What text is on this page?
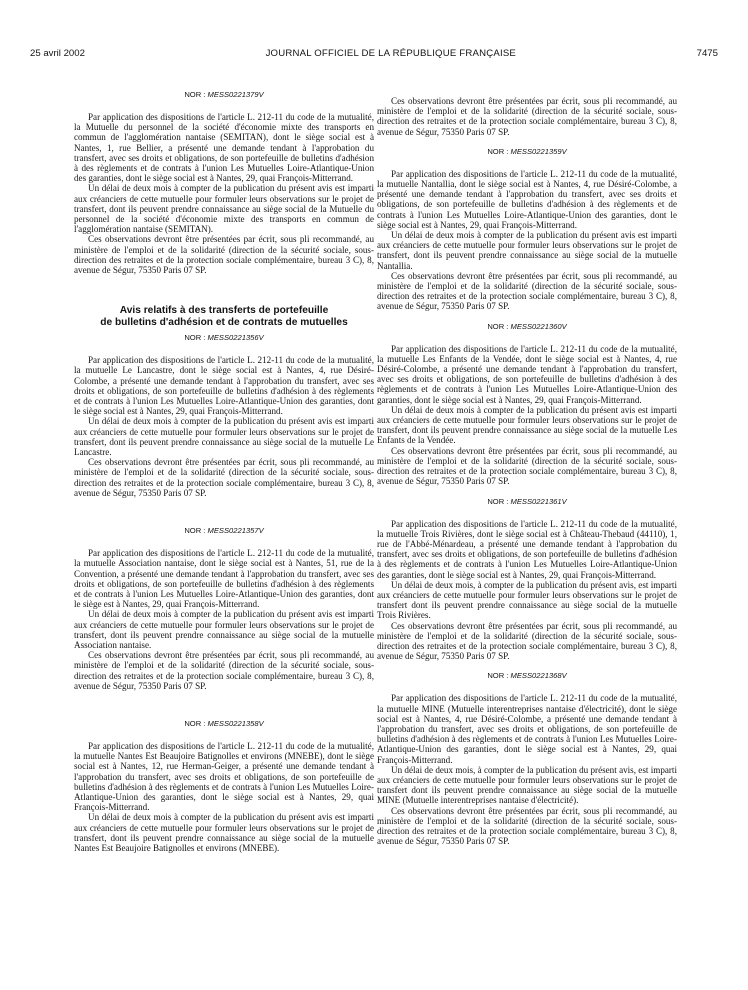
25 avril 2002	JOURNAL OFFICIEL DE LA RÉPUBLIQUE FRANÇAISE	7475
NOR : MESS0221379V

Par application des dispositions de l'article L. 212-11 du code de la mutualité, la Mutuelle du personnel de la société d'économie mixte des transports en commun de l'agglomération nantaise (SEMITAN), dont le siège social est à Nantes, 1, rue Bellier, a présenté une demande tendant à l'approbation du transfert, avec ses droits et obligations, de son portefeuille de bulletins d'adhésion à des règlements et de contrats à l'union Les Mutuelles Loire-Atlantique-Union des garanties, dont le siège social est à Nantes, 29, quai François-Mitterrand.

Un délai de deux mois à compter de la publication du présent avis est imparti aux créanciers de cette mutuelle pour formuler leurs observations sur le projet de transfert, dont ils peuvent prendre connaissance au siège social de la Mutuelle du personnel de la société d'économie mixte des transports en commun de l'agglomération nantaise (SEMITAN).

Ces observations devront être présentées par écrit, sous pli recommandé, au ministère de l'emploi et de la solidarité (direction de la sécurité sociale, sous-direction des retraites et de la protection sociale complémentaire, bureau 3 C), 8, avenue de Ségur, 75350 Paris 07 SP.

Avis relatifs à des transferts de portefeuille
de bulletins d'adhésion et de contrats de mutuelles
NOR : MESS0221356V

Par application des dispositions de l'article L. 212-11 du code de la mutualité, la mutuelle Le Lancastre, dont le siège social est à Nantes, 4, rue Désiré-Colombe, a présenté une demande tendant à l'approbation du transfert, avec ses droits et obligations, de son portefeuille de bulletins d'adhésion à des règlements et de contrats à l'union Les Mutuelles Loire-Atlantique-Union des garanties, dont le siège social est à Nantes, 29, quai François-Mitterrand.

Un délai de deux mois à compter de la publication du présent avis est imparti aux créanciers de cette mutuelle pour formuler leurs observations sur le projet de transfert, dont ils peuvent prendre connaissance au siège social de la mutuelle Le Lancastre.

Ces observations devront être présentées par écrit, sous pli recommandé, au ministère de l'emploi et de la solidarité (direction de la sécurité sociale, sous-direction des retraites et de la protection sociale complémentaire, bureau 3 C), 8, avenue de Ségur, 75350 Paris 07 SP.

NOR : MESS0221357V

Par application des dispositions de l'article L. 212-11 du code de la mutualité, la mutuelle Association nantaise, dont le siège social est à Nantes, 51, rue de la Convention, a présenté une demande tendant à l'approbation du transfert, avec ses droits et obligations, de son portefeuille de bulletins d'adhésion à des règlements et de contrats à l'union Les Mutuelles Loire-Atlantique-Union des garanties, dont le siège est à Nantes, 29, quai François-Mitterrand.

Un délai de deux mois à compter de la publication du présent avis est imparti aux créanciers de cette mutuelle pour formuler leurs observations sur le projet de transfert, dont ils peuvent prendre connaissance au siège social de la mutuelle Association nantaise.

Ces observations devront être présentées par écrit, sous pli recommandé, au ministère de l'emploi et de la solidarité (direction de la sécurité sociale, sous-direction des retraites et de la protection sociale complémentaire, bureau 3 C), 8, avenue de Ségur, 75350 Paris 07 SP.

NOR : MESS0221358V

Par application des dispositions de l'article L. 212-11 du code de la mutualité, la mutuelle Nantes Est Beaujoire Batignolles et environs (MNEBE), dont le siège social est à Nantes, 12, rue Herman-Geiger, a présenté une demande tendant à l'approbation du transfert, avec ses droits et obligations, de son portefeuille de bulletins d'adhésion à des règlements et de contrats à l'union Les Mutuelles Loire-Atlantique-Union des garanties, dont le siège social est à Nantes, 29, quai François-Mitterrand.

Un délai de deux mois à compter de la publication du présent avis est imparti aux créanciers de cette mutuelle pour formuler leurs observations sur le projet de transfert, dont ils peuvent prendre connaissance au siège social de la mutuelle Nantes Est Beaujoire Batignolles et environs (MNEBE).

Ces observations devront être présentées par écrit, sous pli recommandé, au ministère de l'emploi et de la solidarité (direction de la sécurité sociale, sous-direction des retraites et de la protection sociale complémentaire, bureau 3 C), 8, avenue de Ségur, 75350 Paris 07 SP.

NOR : MESS0221359V

Par application des dispositions de l'article L. 212-11 du code de la mutualité, la mutuelle Nantallia, dont le siège social est à Nantes, 4, rue Désiré-Colombe, a présenté une demande tendant à l'approbation du transfert, avec ses droits et obligations, de son portefeuille de bulletins d'adhésion à des règlements et de contrats à l'union Les Mutuelles Loire-Atlantique-Union des garanties, dont le siège social est à Nantes, 29, quai François-Mitterrand.

Un délai de deux mois à compter de la publication du présent avis est imparti aux créanciers de cette mutuelle pour formuler leurs observations sur le projet de transfert, dont ils peuvent prendre connaissance au siège social de la mutuelle Nantallia.

Ces observations devront être présentées par écrit, sous pli recommandé, au ministère de l'emploi et de la solidarité (direction de la sécurité sociale, sous-direction des retraites et de la protection sociale complémentaire, bureau 3 C), 8, avenue de Ségur, 75350 Paris 07 SP.

NOR : MESS0221360V

Par application des dispositions de l'article L. 212-11 du code de la mutualité, la mutuelle Les Enfants de la Vendée, dont le siège social est à Nantes, 4, rue Désiré-Colombe, a présenté une demande tendant à l'approbation du transfert, avec ses droits et obligations, de son portefeuille de bulletins d'adhésion à des règlements et de contrats à l'union Les Mutuelles Loire-Atlantique-Union des garanties, dont le siège social est à Nantes, 29, quai François-Mitterrand.

Un délai de deux mois à compter de la publication du présent avis est imparti aux créanciers de cette mutuelle pour formuler leurs observations sur le projet de transfert, dont ils peuvent prendre connaissance au siège social de la mutuelle Les Enfants de la Vendée.

Ces observations devront être présentées par écrit, sous pli recommandé, au ministère de l'emploi et de la solidarité (direction de la sécurité sociale, sous-direction des retraites et de la protection sociale complémentaire, bureau 3 C), 8, avenue de Ségur, 75350 Paris 07 SP.

NOR : MESS0221361V

Par application des dispositions de l'article L. 212-11 du code de la mutualité, la mutuelle Trois Rivières, dont le siège social est à Château-Thebaud (44110), 1, rue de l'Abbé-Ménardeau, a présenté une demande tendant à l'approbation du transfert, avec ses droits et obligations, de son portefeuille de bulletins d'adhésion à des règlements et de contrats à l'union Les Mutuelles Loire-Atlantique-Union des garanties, dont le siège social est à Nantes, 29, quai François-Mitterrand.

Un délai de deux mois, à compter de la publication du présent avis, est imparti aux créanciers de cette mutuelle pour formuler leurs observations sur le projet de transfert dont ils peuvent prendre connaissance au siège social de la mutuelle Trois Rivières.

Ces observations devront être présentées par écrit, sous pli recommandé, au ministère de l'emploi et de la solidarité (direction de la sécurité sociale, sous-direction des retraites et de la protection sociale complémentaire, bureau 3 C), 8, avenue de Ségur, 75350 Paris 07 SP.

NOR : MESS0221368V

Par application des dispositions de l'article L. 212-11 du code de la mutualité, la mutuelle MINE (Mutuelle interentreprises nantaise d'électricité), dont le siège social est à Nantes, 4, rue Désiré-Colombe, a présenté une demande tendant à l'approbation du transfert, avec ses droits et obligations, de son portefeuille de bulletins d'adhésion à des règlements et de contrats à l'union Les Mutuelles Loire-Atlantique-Union des garanties, dont le siège social est à Nantes, 29, quai François-Mitterrand.

Un délai de deux mois, à compter de la publication du présent avis, est imparti aux créanciers de cette mutuelle pour formuler leurs observations sur le projet de transfert dont ils peuvent prendre connaissance au siège social de la mutuelle MINE (Mutuelle interentreprises nantaise d'électricité).

Ces observations devront être présentées par écrit, sous pli recommandé, au ministère de l'emploi et de la solidarité (direction de la sécurité sociale, sous-direction des retraites et de la protection sociale complémentaire, bureau 3 C), 8, avenue de Ségur, 75350 Paris 07 SP.
